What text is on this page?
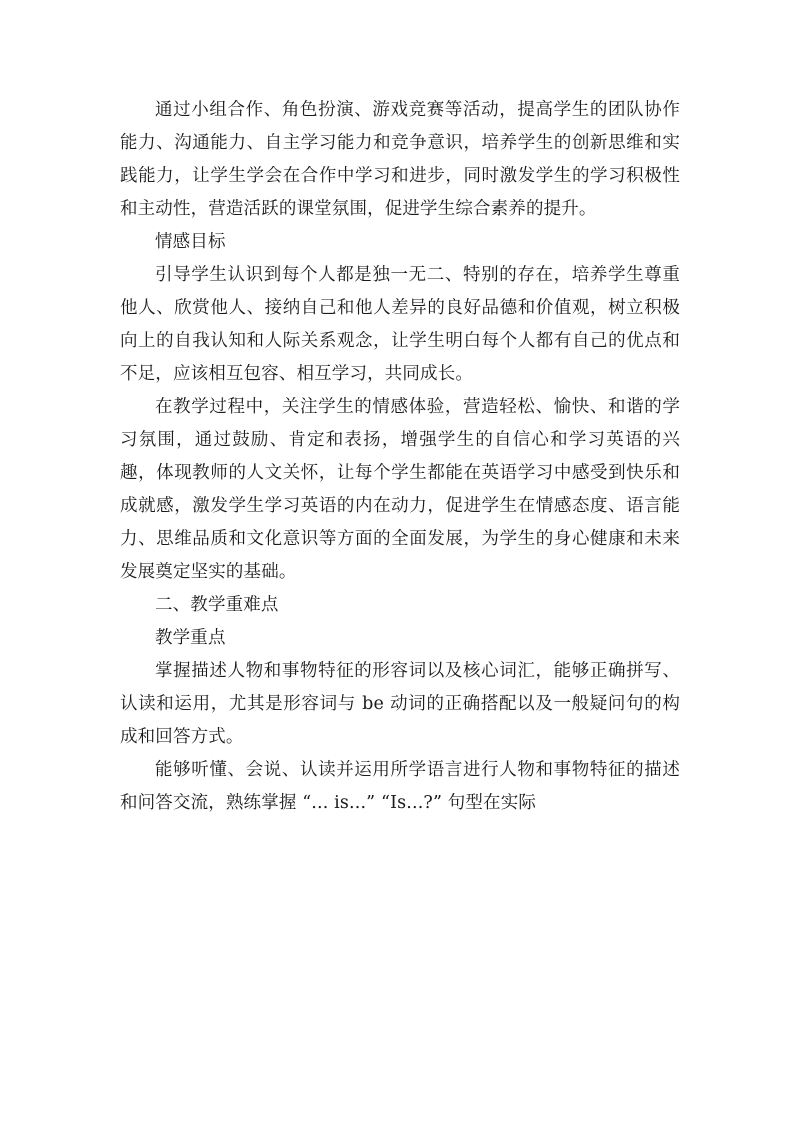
通过小组合作、角色扮演、游戏竞赛等活动，提高学生的团队协作能力、沟通能力、自主学习能力和竞争意识，培养学生的创新思维和实践能力，让学生学会在合作中学习和进步，同时激发学生的学习积极性和主动性，营造活跃的课堂氛围，促进学生综合素养的提升。

情感目标

引导学生认识到每个人都是独一无二、特别的存在，培养学生尊重他人、欣赏他人、接纳自己和他人差异的良好品德和价值观，树立积极向上的自我认知和人际关系观念，让学生明白每个人都有自己的优点和不足，应该相互包容、相互学习，共同成长。

在教学过程中，关注学生的情感体验，营造轻松、愉快、和谐的学习氛围，通过鼓励、肯定和表扬，增强学生的自信心和学习英语的兴趣，体现教师的人文关怀，让每个学生都能在英语学习中感受到快乐和成就感，激发学生学习英语的内在动力，促进学生在情感态度、语言能力、思维品质和文化意识等方面的全面发展，为学生的身心健康和未来发展奠定坚实的基础。

二、教学重难点

教学重点

掌握描述人物和事物特征的形容词以及核心词汇，能够正确拼写、认读和运用，尤其是形容词与 be 动词的正确搭配以及一般疑问句的构成和回答方式。

能够听懂、会说、认读并运用所学语言进行人物和事物特征的描述和问答交流，熟练掌握 “... is...” “Is...?” 句型在实际
